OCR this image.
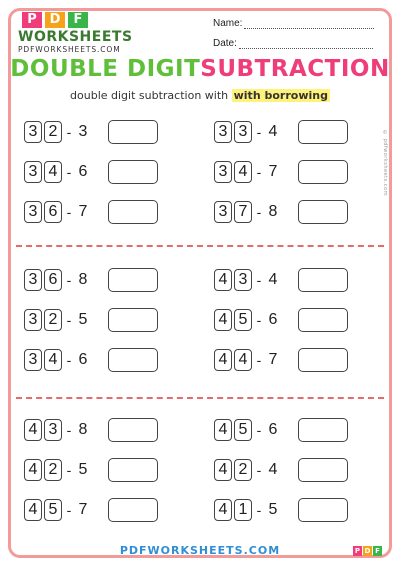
P D	F
WORKSHEETS
PDFWORKSHEETS.COM
Name:
Date:
DOUBLE DIGITSUBTRACTION
double digit subtraction with with borrowing
© pdfworksheets.com
3 2 - 3	3 3 - 4
3 4 - 6	3 4 - 7
3 6 - 7	3 7 - 8
3 6 - 8	4 3 - 4
3 2 - 5	4 5 - 6
3 4 - 6	4 4 - 7
4 3 - 8	4 5 - 6
4 2 - 5	4 2 - 4
4 5 - 7	4 1 - 5
PDFWORKSHEETS.COM	P D F
